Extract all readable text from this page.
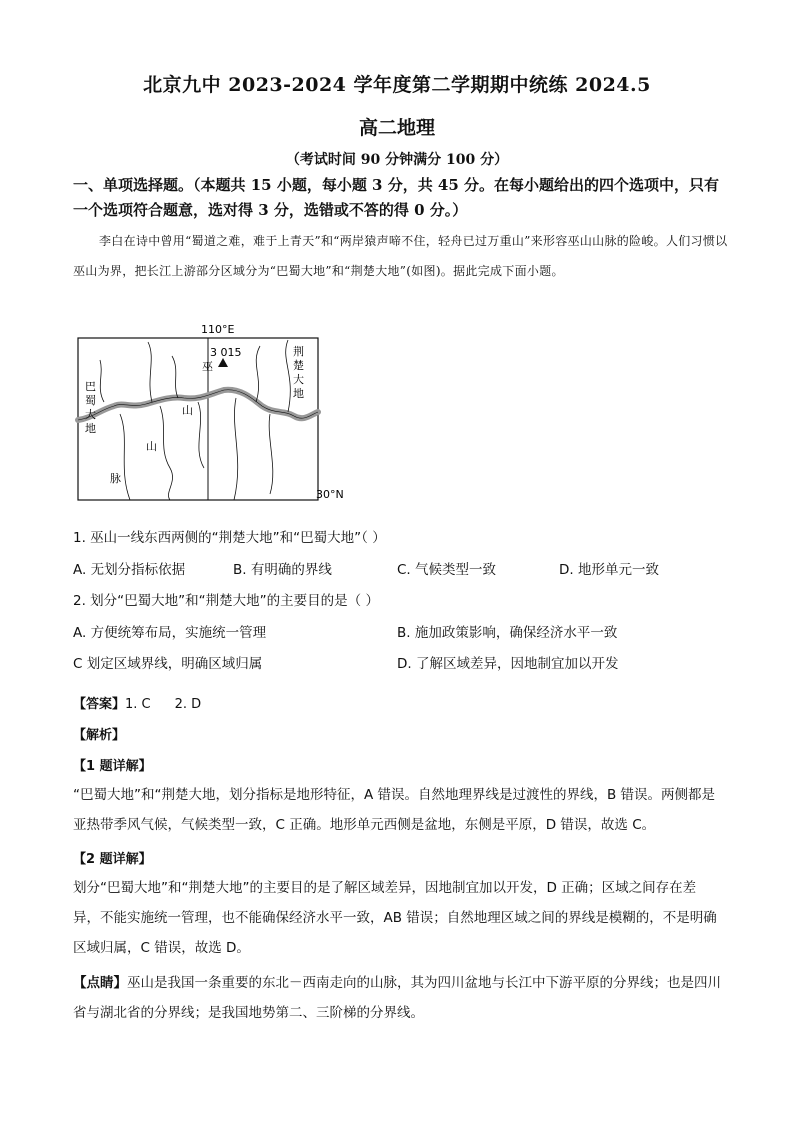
北京九中 2023-2024 学年度第二学期期中统练 2024.5
高二地理
（考试时间 90 分钟满分 100 分）
一、单项选择题。（本题共 15 小题，每小题 3 分，共 45 分。在每小题给出的四个选项中，只有一个选项符合题意，选对得 3 分，选错或不答的得 0 分。）
李白在诗中曾用“蜀道之难，难于上青天”和“两岸猿声啼不住，轻舟已过万重山”来形容巫山山脉的险峻。人们习惯以巫山为界，把长江上游部分区域分为“巴蜀大地”和“荆楚大地”(如图)。据此完成下面小题。
110°E
30°N
3 015
巫
山
山
脉
巴
蜀
大
地
荆
楚
大
地
1. 巫山一线东西两侧的“荆楚大地”和“巴蜀大地”（ ）
A. 无划分指标依据	B. 有明确的界线	C. 气候类型一致	D. 地形单元一致
2. 划分“巴蜀大地”和“荆楚大地”的主要目的是（ ）
A. 方便统筹布局，实施统一管理	B. 施加政策影响，确保经济水平一致
C 划定区域界线，明确区域归属	D. 了解区域差异，因地制宜加以开发
【答案】1. C 2. D
【解析】
【1 题详解】
“巴蜀大地”和“荆楚大地，划分指标是地形特征，A 错误。自然地理界线是过渡性的界线，B 错误。两侧都是亚热带季风气候，气候类型一致，C 正确。地形单元西侧是盆地，东侧是平原，D 错误，故选 C。
【2 题详解】
划分“巴蜀大地”和“荆楚大地”的主要目的是了解区域差异，因地制宜加以开发，D 正确；区域之间存在差异，不能实施统一管理，也不能确保经济水平一致，AB 错误；自然地理区域之间的界线是模糊的，不是明确区域归属，C 错误，故选 D。
【点睛】巫山是我国一条重要的东北－西南走向的山脉，其为四川盆地与长江中下游平原的分界线；也是四川省与湖北省的分界线；是我国地势第二、三阶梯的分界线。
